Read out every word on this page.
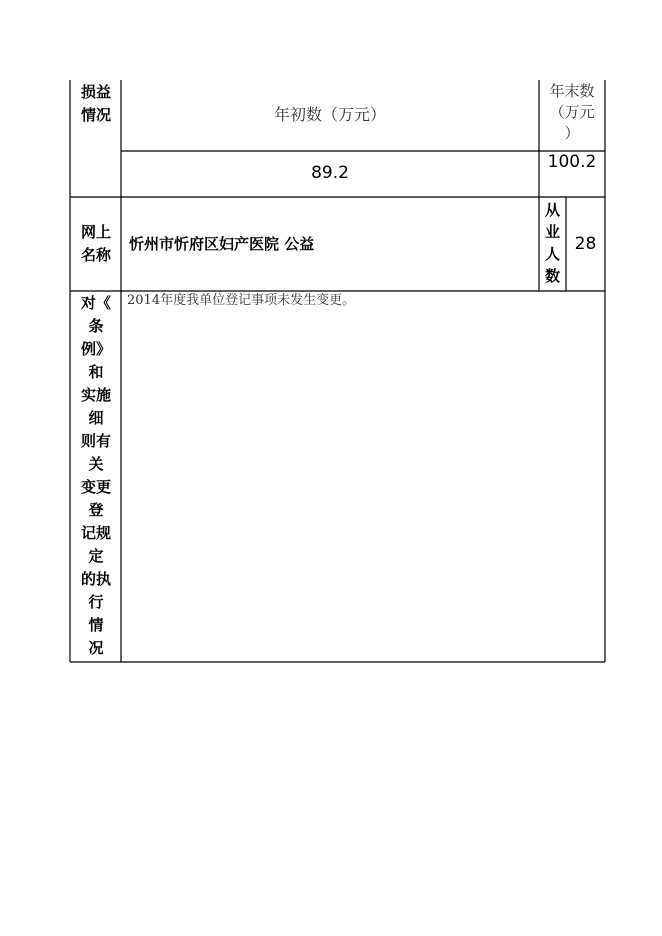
损益
情况	年初数（万元）
年末数
（万元
）
89.2
100.2
网上
名称
忻州市忻府区妇产医院 公益
从
业
人
数
28
对《
条
例》
和
实施
细
则有
关
变更
登
记规
定
的执
行
情
况
2014年度我单位登记事项未发生变更。
